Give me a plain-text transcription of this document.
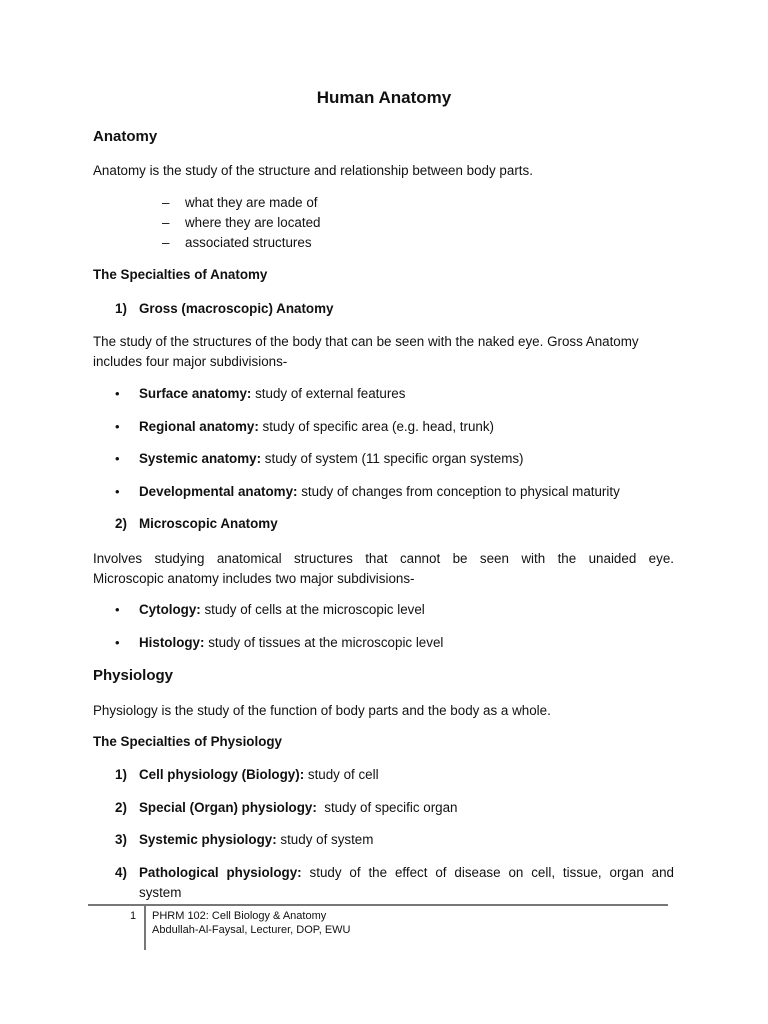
Human Anatomy
Anatomy
Anatomy is the study of the structure and relationship between body parts.
– what they are made of
– where they are located
– associated structures
The Specialties of Anatomy
1) Gross (macroscopic) Anatomy
The study of the structures of the body that can be seen with the naked eye. Gross Anatomy
includes four major subdivisions-
• Surface anatomy: study of external features
• Regional anatomy: study of specific area (e.g. head, trunk)
• Systemic anatomy: study of system (11 specific organ systems)
• Developmental anatomy: study of changes from conception to physical maturity
2) Microscopic Anatomy
Involves studying anatomical structures that cannot be seen with the unaided eye.
Microscopic anatomy includes two major subdivisions-
• Cytology: study of cells at the microscopic level
• Histology: study of tissues at the microscopic level
Physiology
Physiology is the study of the function of body parts and the body as a whole.
The Specialties of Physiology
1) Cell physiology (Biology): study of cell
2) Special (Organ) physiology:  study of specific organ
3) Systemic physiology: study of system
4) Pathological physiology: study of the effect of disease on cell, tissue, organ and
system
1 PHRM 102: Cell Biology & Anatomy
Abdullah-Al-Faysal, Lecturer, DOP, EWU
